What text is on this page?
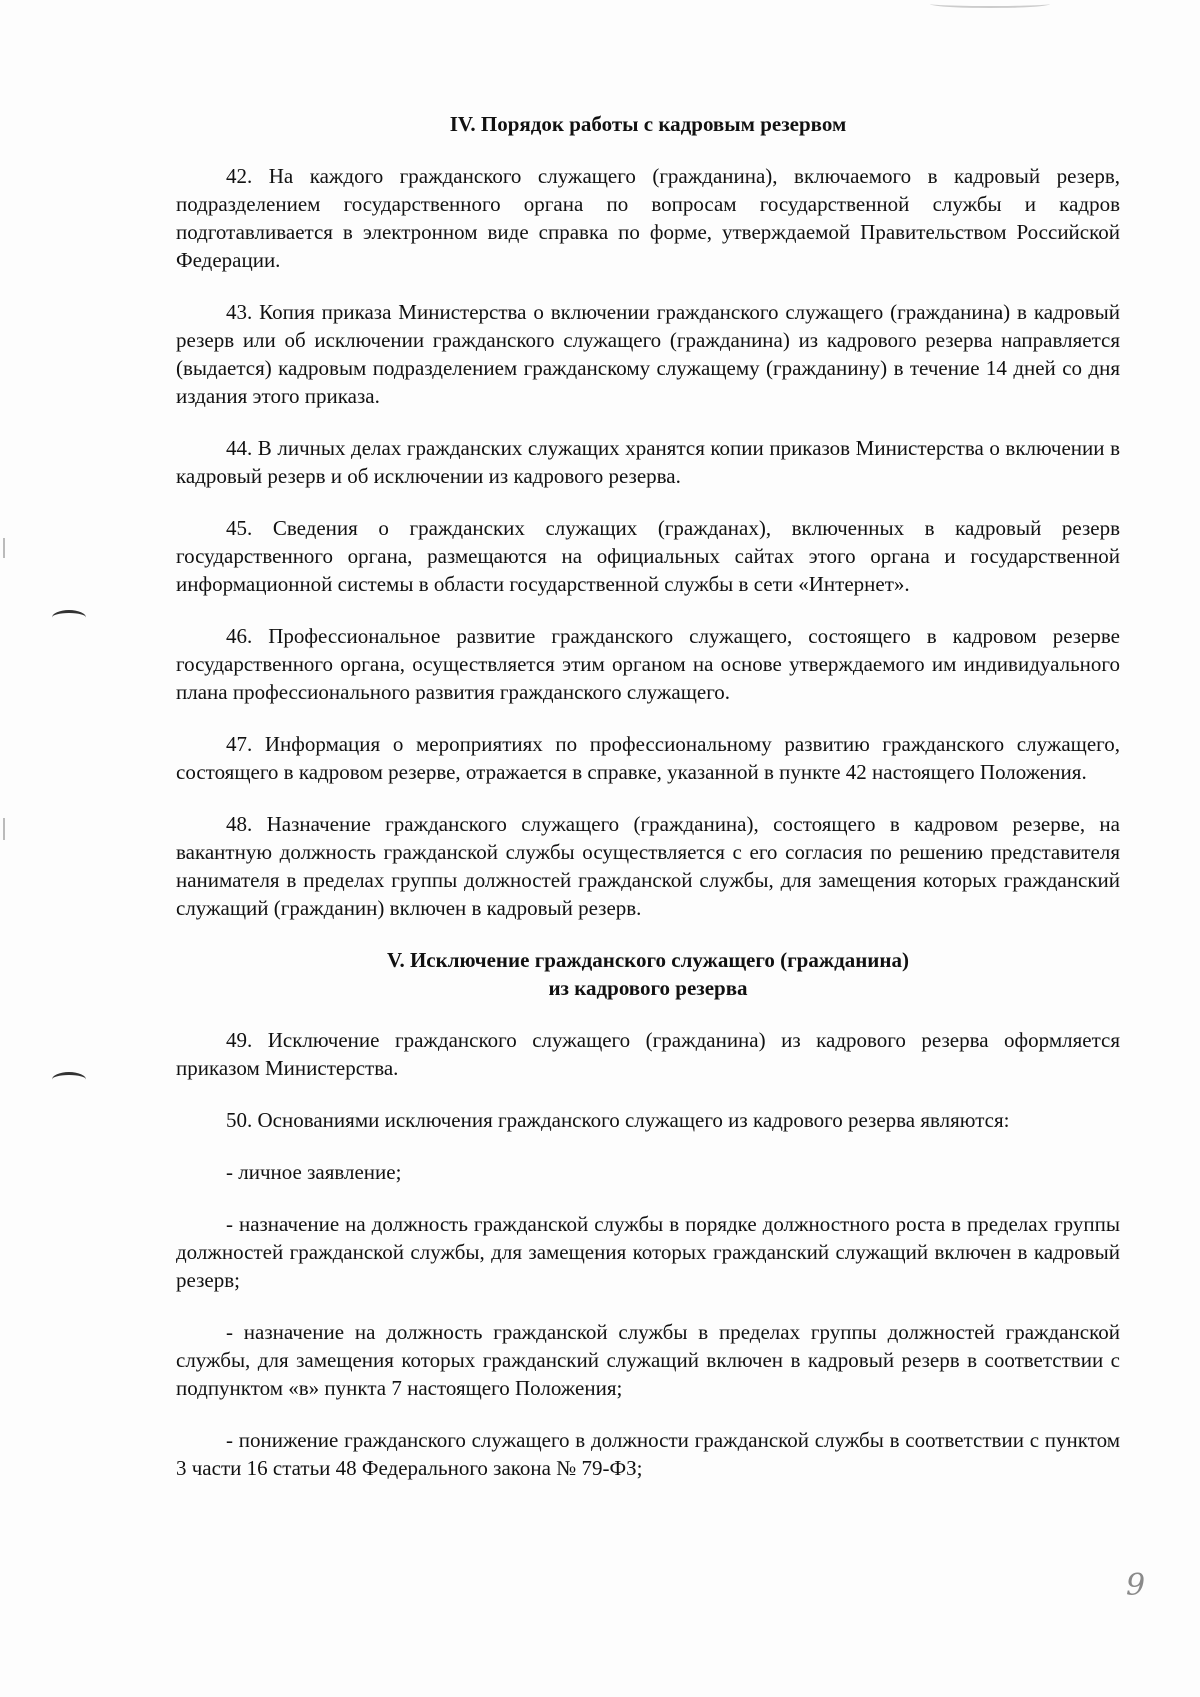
IV. Порядок работы с кадровым резервом

42. На каждого гражданского служащего (гражданина), включаемого в кадровый резерв, подразделением государственного органа по вопросам государственной службы и кадров подготавливается в электронном виде справка по форме, утверждаемой Правительством Российской Федерации.

43. Копия приказа Министерства о включении гражданского служащего (гражданина) в кадровый резерв или об исключении гражданского служащего (гражданина) из кадрового резерва направляется (выдается) кадровым подразделением гражданскому служащему (гражданину) в течение 14 дней со дня издания этого приказа.

44. В личных делах гражданских служащих хранятся копии приказов Министерства о включении в кадровый резерв и об исключении из кадрового резерва.

45. Сведения о гражданских служащих (гражданах), включенных в кадровый резерв государственного органа, размещаются на официальных сайтах этого органа и государственной информационной системы в области государственной службы в сети «Интернет».

46. Профессиональное развитие гражданского служащего, состоящего в кадровом резерве государственного органа, осуществляется этим органом на основе утверждаемого им индивидуального плана профессионального развития гражданского служащего.

47. Информация о мероприятиях по профессиональному развитию гражданского служащего, состоящего в кадровом резерве, отражается в справке, указанной в пункте 42 настоящего Положения.

48. Назначение гражданского служащего (гражданина), состоящего в кадровом резерве, на вакантную должность гражданской службы осуществляется с его согласия по решению представителя нанимателя в пределах группы должностей гражданской службы, для замещения которых гражданский служащий (гражданин) включен в кадровый резерв.

V. Исключение гражданского служащего (гражданина)
из кадрового резерва

49. Исключение гражданского служащего (гражданина) из кадрового резерва оформляется приказом Министерства.

50. Основаниями исключения гражданского служащего из кадрового резерва являются:

- личное заявление;

- назначение на должность гражданской службы в порядке должностного роста в пределах группы должностей гражданской службы, для замещения которых гражданский служащий включен в кадровый резерв;

- назначение на должность гражданской службы в пределах группы должностей гражданской службы, для замещения которых гражданский служащий включен в кадровый резерв в соответствии с подпунктом «в» пункта 7 настоящего Положения;

- понижение гражданского служащего в должности гражданской службы в соответствии с пунктом 3 части 16 статьи 48 Федерального закона № 79-ФЗ;

9
